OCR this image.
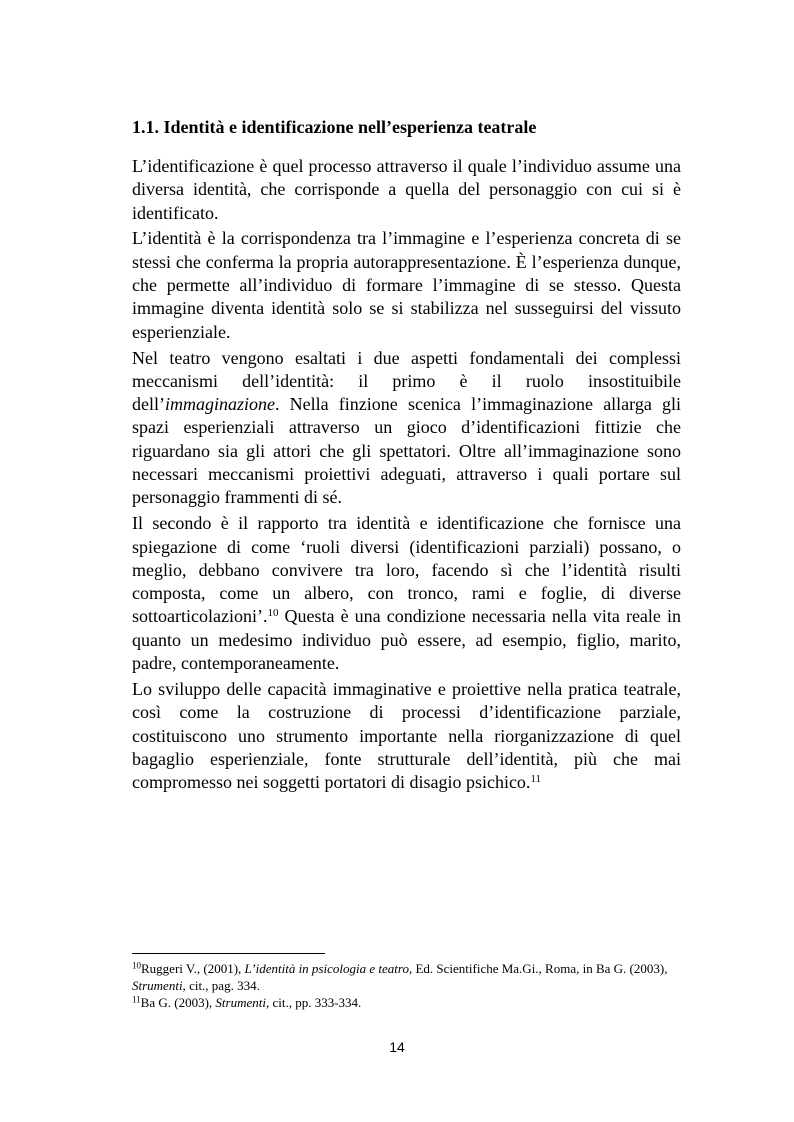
1.1. Identità e identificazione nell’esperienza teatrale

L’identificazione è quel processo attraverso il quale l’individuo assume una diversa identità, che corrisponde a quella del personaggio con cui si è identificato.

L’identità è la corrispondenza tra l’immagine e l’esperienza concreta di se stessi che conferma la propria autorappresentazione. È l’esperienza dunque, che permette all’individuo di formare l’immagine di se stesso. Questa immagine diventa identità solo se si stabilizza nel susseguirsi del vissuto esperienziale.

Nel teatro vengono esaltati i due aspetti fondamentali dei complessi meccanismi dell’identità: il primo è il ruolo insostituibile dell’immaginazione. Nella finzione scenica l’immaginazione allarga gli spazi esperienziali attraverso un gioco d’identificazioni fittizie che riguardano sia gli attori che gli spettatori. Oltre all’immaginazione sono necessari meccanismi proiettivi adeguati, attraverso i quali portare sul personaggio frammenti di sé.

Il secondo è il rapporto tra identità e identificazione che fornisce una spiegazione di come ‘ruoli diversi (identificazioni parziali) possano, o meglio, debbano convivere tra loro, facendo sì che l’identità risulti composta, come un albero, con tronco, rami e foglie, di diverse sottoarticolazioni’.$^{10}$ Questa è una condizione necessaria nella vita reale in quanto un medesimo individuo può essere, ad esempio, figlio, marito, padre, contemporaneamente.

Lo sviluppo delle capacità immaginative e proiettive nella pratica teatrale, così come la costruzione di processi d’identificazione parziale, costituiscono uno strumento importante nella riorganizzazione di quel bagaglio esperienziale, fonte strutturale dell’identità, più che mai compromesso nei soggetti portatori di disagio psichico.$^{11}$

$^{10}$Ruggeri V., (2001), L’identità in psicologia e teatro, Ed. Scientifiche Ma.Gi., Roma, in Ba G. (2003), Strumenti, cit., pag. 334.

$^{11}$Ba G. (2003), Strumenti, cit., pp. 333-334.

14
